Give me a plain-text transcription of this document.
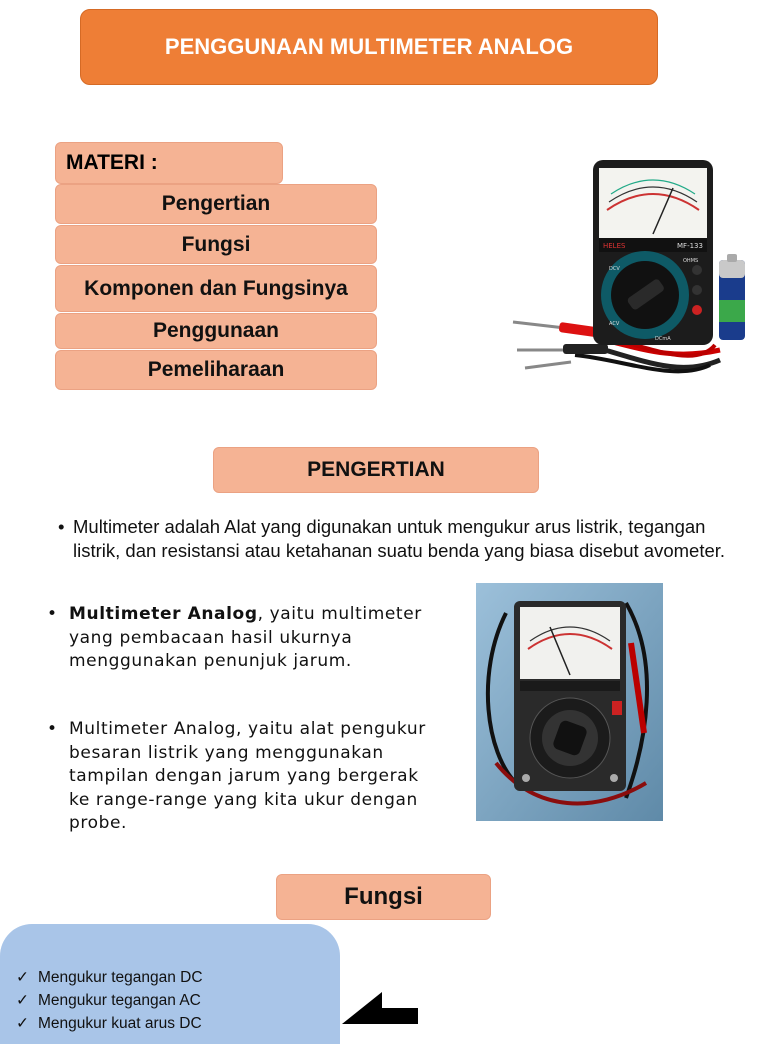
PENGGUNAAN MULTIMETER ANALOG
MATERI :
Pengertian
Fungsi
Komponen dan Fungsinya
Penggunaan
Pemeliharaan
HELES	MF-133
OHMS
DCV
ACV
DCmA
PENGERTIAN
• Multimeter adalah Alat yang digunakan untuk mengukur arus listrik, tegangan listrik, dan resistansi atau ketahanan suatu benda yang biasa disebut avometer.
• Multimeter Analog, yaitu multimeter yang pembacaan hasil ukurnya menggunakan penunjuk jarum.
• Multimeter Analog, yaitu alat pengukur besaran listrik yang menggunakan tampilan dengan jarum yang bergerak ke range-range yang kita ukur dengan probe.
Fungsi
✓ Mengukur tegangan DC
✓ Mengukur tegangan AC
✓ Mengukur kuat arus DC
